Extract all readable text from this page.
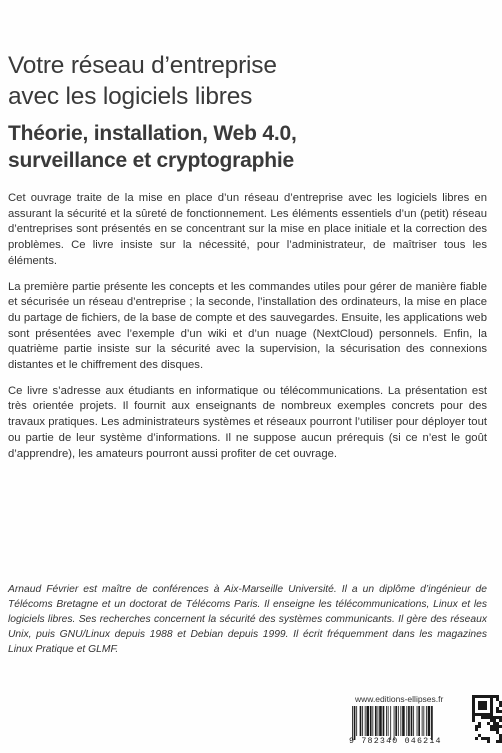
Votre réseau d’entreprise
avec les logiciels libres
Théorie, installation, Web 4.0,
surveillance et cryptographie

Cet ouvrage traite de la mise en place d’un réseau d’entreprise avec les logiciels libres en assurant la sécurité et la sûreté de fonctionnement. Les éléments essentiels d’un (petit) réseau d’entreprises sont présentés en se concentrant sur la mise en place initiale et la correction des problèmes. Ce livre insiste sur la nécessité, pour l’administrateur, de maîtriser tous les éléments.

La première partie présente les concepts et les commandes utiles pour gérer de manière fiable et sécurisée un réseau d’entreprise ; la seconde, l’installation des ordinateurs, la mise en place du partage de fichiers, de la base de compte et des sauvegardes. Ensuite, les applications web sont présentées avec l’exemple d’un wiki et d’un nuage (NextCloud) personnels. Enfin, la quatrième partie insiste sur la sécurité avec la supervision, la sécurisation des connexions distantes et le chiffrement des disques.

Ce livre s’adresse aux étudiants en informatique ou télécommunications. La présentation est très orientée projets. Il fournit aux enseignants de nombreux exemples concrets pour des travaux pratiques. Les administrateurs systèmes et réseaux pourront l’utiliser pour déployer tout ou partie de leur système d’informations. Il ne suppose aucun prérequis (si ce n’est le goût d’apprendre), les amateurs pourront aussi profiter de cet ouvrage.

Arnaud Février est maître de conférences à Aix-Marseille Université. Il a un diplôme d’ingénieur de Télécoms Bretagne et un doctorat de Télécoms Paris. Il enseigne les télécommunications, Linux et les logiciels libres. Ses recherches concernent la sécurité des systèmes communicants. Il gère des réseaux Unix, puis GNU/Linux depuis 1988 et Debian depuis 1999. Il écrit fréquemment dans les magazines Linux Pratique et GLMF.

www.editions-ellipses.fr
9 782340 046214
